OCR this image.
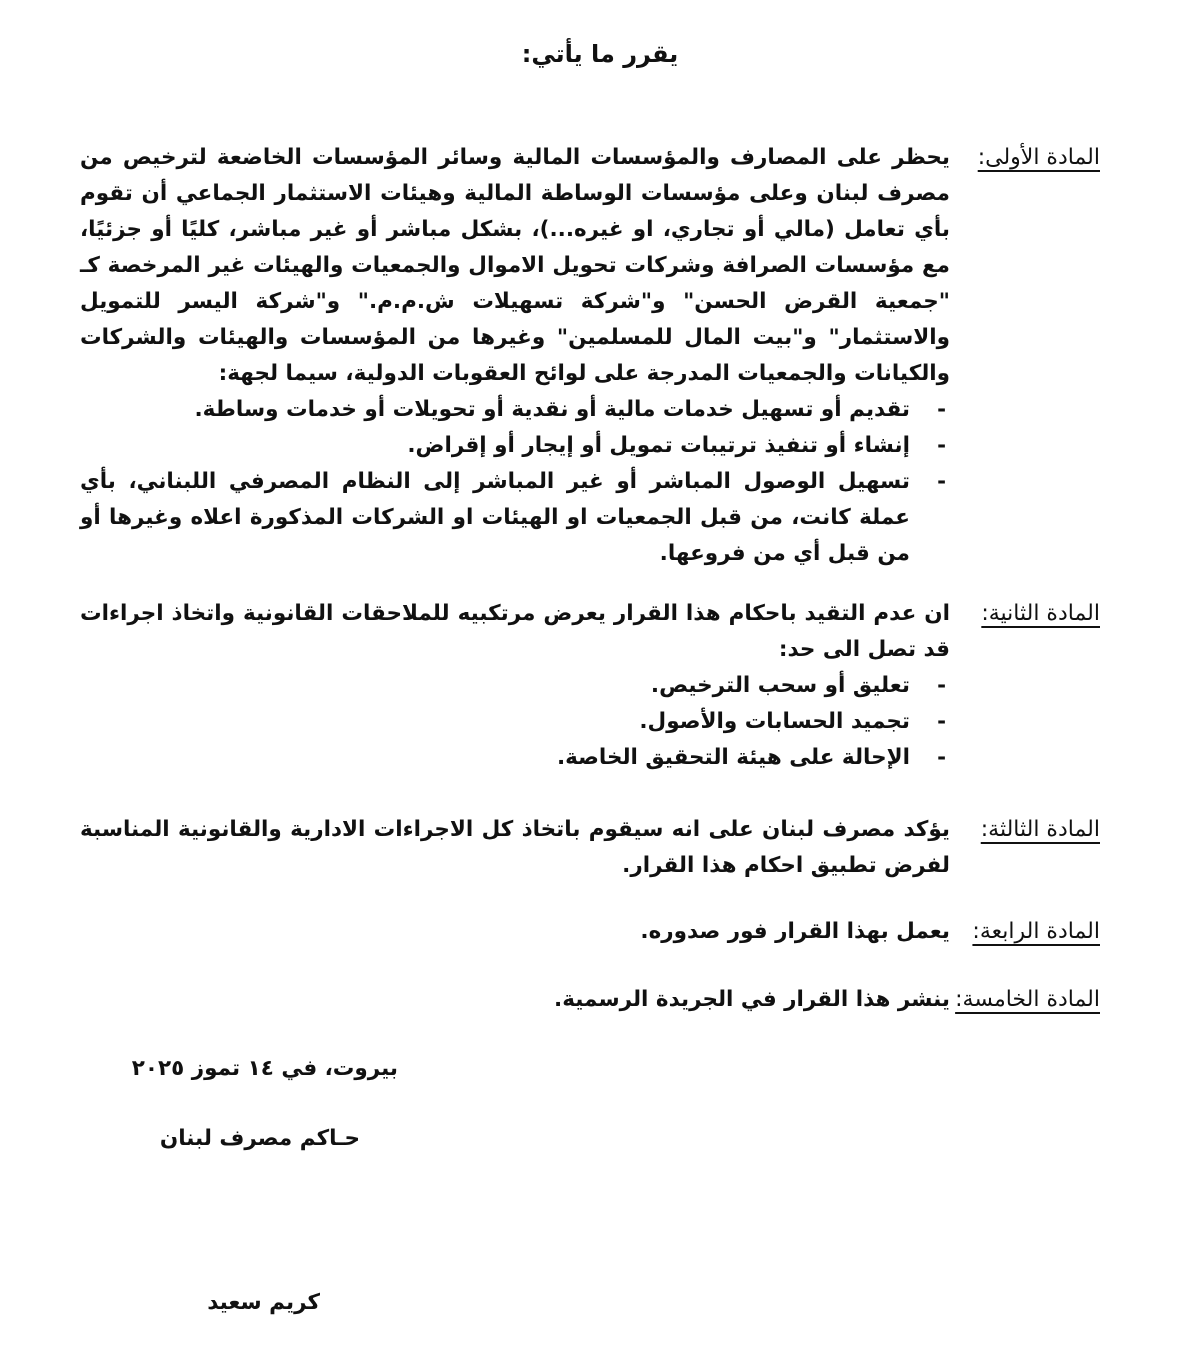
يقرر ما يأتي:
المادة الأولى:

يحظر على المصارف والمؤسسات المالية وسائر المؤسسات الخاضعة لترخيص من مصرف لبنان وعلى مؤسسات الوساطة المالية وهيئات الاستثمار الجماعي أن تقوم بأي تعامل (مالي أو تجاري، او غيره...)، بشكل مباشر أو غير مباشر، كليًا أو جزئيًا، مع مؤسسات الصرافة وشركات تحويل الاموال والجمعيات والهيئات غير المرخصة كـ "جمعية القرض الحسن" و"شركة تسهيلات ش.م.م." و"شركة اليسر للتمويل والاستثمار" و"بيت المال للمسلمين" وغيرها من المؤسسات والهيئات والشركات والكيانات والجمعيات المدرجة على لوائح العقوبات الدولية، سيما لجهة:

- تقديم أو تسهيل خدمات مالية أو نقدية أو تحويلات أو خدمات وساطة.
- إنشاء أو تنفيذ ترتيبات تمويل أو إيجار أو إقراض.
- تسهيل الوصول المباشر أو غير المباشر إلى النظام المصرفي اللبناني، بأي عملة كانت، من قبل الجمعيات او الهيئات او الشركات المذكورة اعلاه وغيرها أو من قبل أي من فروعها.
المادة الثانية:

ان عدم التقيد باحكام هذا القرار يعرض مرتكبيه للملاحقات القانونية واتخاذ اجراءات قد تصل الى حد:

- تعليق أو سحب الترخيص.
- تجميد الحسابات والأصول.
- الإحالة على هيئة التحقيق الخاصة.
المادة الثالثة:

يؤكد مصرف لبنان على انه سيقوم باتخاذ كل الاجراءات الادارية والقانونية المناسبة لفرض تطبيق احكام هذا القرار.

المادة الرابعة:

يعمل بهذا القرار فور صدوره.

المادة الخامسة:

ينشر هذا القرار في الجريدة الرسمية.

بيروت، في ١٤ تموز ٢٠٢٥
حـاكم مصرف لبنان
كريم سعيد
